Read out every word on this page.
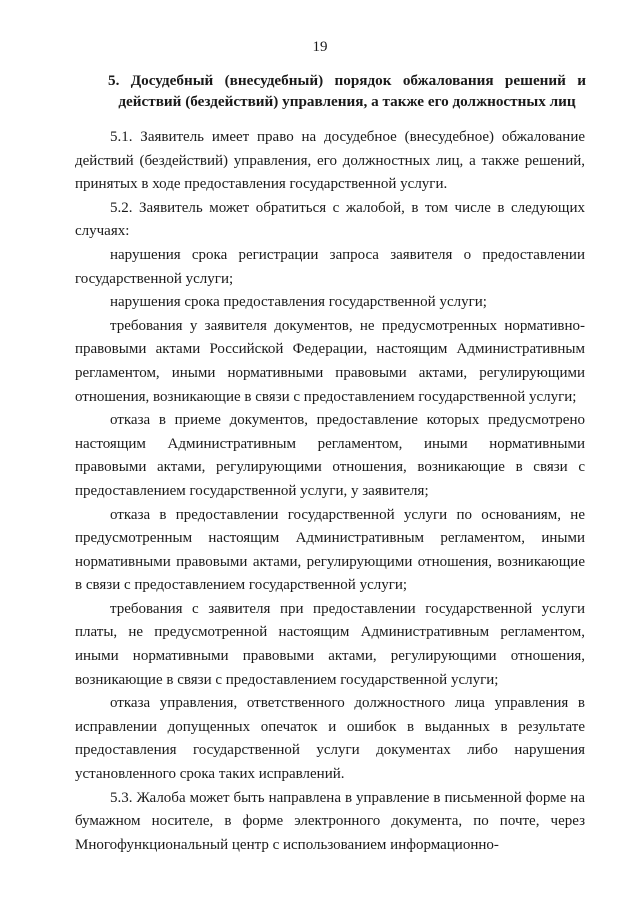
19
5. Досудебный (внесудебный) порядок обжалования решений и действий (бездействий) управления, а также его должностных лиц

5.1. Заявитель имеет право на досудебное (внесудебное) обжалование действий (бездействий) управления, его должностных лиц, а также решений, принятых в ходе предоставления государственной услуги.

5.2. Заявитель может обратиться с жалобой, в том числе в следующих случаях:

нарушения срока регистрации запроса заявителя о предоставлении государственной услуги;

нарушения срока предоставления государственной услуги;

требования у заявителя документов, не предусмотренных нормативно-правовыми актами Российской Федерации, настоящим Административным регламентом, иными нормативными правовыми актами, регулирующими отношения, возникающие в связи с предоставлением государственной услуги;

отказа в приеме документов, предоставление которых предусмотрено настоящим Административным регламентом, иными нормативными правовыми актами, регулирующими отношения, возникающие в связи с предоставлением государственной услуги, у заявителя;

отказа в предоставлении государственной услуги по основаниям, не предусмотренным настоящим Административным регламентом, иными нормативными правовыми актами, регулирующими отношения, возникающие в связи с предоставлением государственной услуги;

требования с заявителя при предоставлении государственной услуги платы, не предусмотренной настоящим Административным регламентом, иными нормативными правовыми актами, регулирующими отношения, возникающие в связи с предоставлением государственной услуги;

отказа управления, ответственного должностного лица управления в исправлении допущенных опечаток и ошибок в выданных в результате предоставления государственной услуги документах либо нарушения установленного срока таких исправлений.

5.3. Жалоба может быть направлена в управление в письменной форме на бумажном носителе, в форме электронного документа, по почте, через Многофункциональный центр с использованием информационно-
